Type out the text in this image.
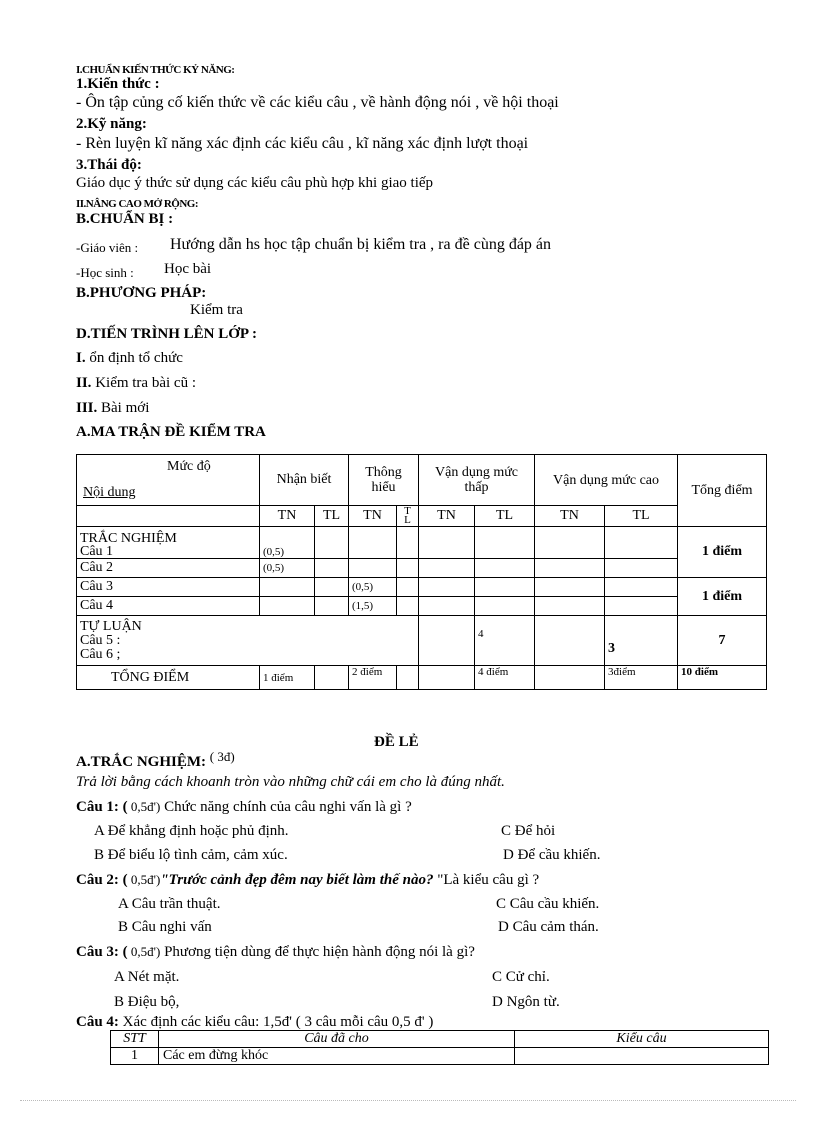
I.CHUẨN KIẾN THỨC KỶ NĂNG:
1.Kiến thức :
- Ôn tập củng cố kiến thức về các kiểu câu , về hành động nói , về hội thoại
2.Kỹ năng:
- Rèn luyện kĩ năng xác định các kiểu câu , kĩ năng xác định lượt thoại
3.Thái độ:
Giáo dục ý thức sử dụng các kiểu câu phù hợp khi giao tiếp
II.NÂNG CAO MỞ RỘNG:
B.CHUẨN BỊ :
-Giáo viên : Hướng dẫn hs học tập chuẩn bị kiểm tra , ra đề cùng đáp án
-Học sinh : Học bài
B.PHƯƠNG PHÁP:
Kiểm tra
D.TIẾN TRÌNH LÊN LỚP :
I. ổn định tổ chức
II. Kiểm tra bài cũ :
III. Bài mới
A.MA TRẬN ĐỀ KIỂM TRA
Mức độ
Nội dung	Nhận biết		Thông hiểu		Vận dụng mức thấp		Vận dụng mức cao		Tổng điểm
	TN	TL	TN	T L	TN	TL	TN	TL	
TRẮC NGHIỆM
Câu 1	(0,5)								1 điểm
Câu 2	(0,5)								
Câu 3			(0,5)						1 điểm
Câu 4			(1,5)						
TỰ LUẬN
Câu 5 :
Câu 6 ;						4		3	7
TỔNG ĐIỂM	1 điểm		2 điểm			4 điểm		3điểm	10 điểm
ĐỀ LẺ
A.TRẮC NGHIỆM: ( 3đ)
Trả lời bằng cách khoanh tròn vào những chữ cái em cho là đúng nhất.
Câu 1: ( 0,5đ') Chức năng chính của câu nghi vấn là gì ?
A Để khẳng định hoặc phủ định.	C Để hỏi
B Để biểu lộ tình cảm, cảm xúc.	D Để cầu khiến.
Câu 2: ( 0,5đ')"Trước cảnh đẹp đêm nay biết làm thế nào? "Là kiểu câu gì ?
A Câu trần thuật.	C Câu cầu khiến.
B Câu nghi vấn	D Câu cảm thán.
Câu 3: ( 0,5đ') Phương tiện dùng để thực hiện hành động nói là gì?
A Nét mặt.	C Cử chỉ.
B Điệu bộ,	D Ngôn từ.
Câu 4: Xác định các kiểu câu: 1,5đ' ( 3 câu mỗi câu 0,5 đ' )
STT	Câu đã cho	Kiểu câu
1	Các em đừng khóc	
